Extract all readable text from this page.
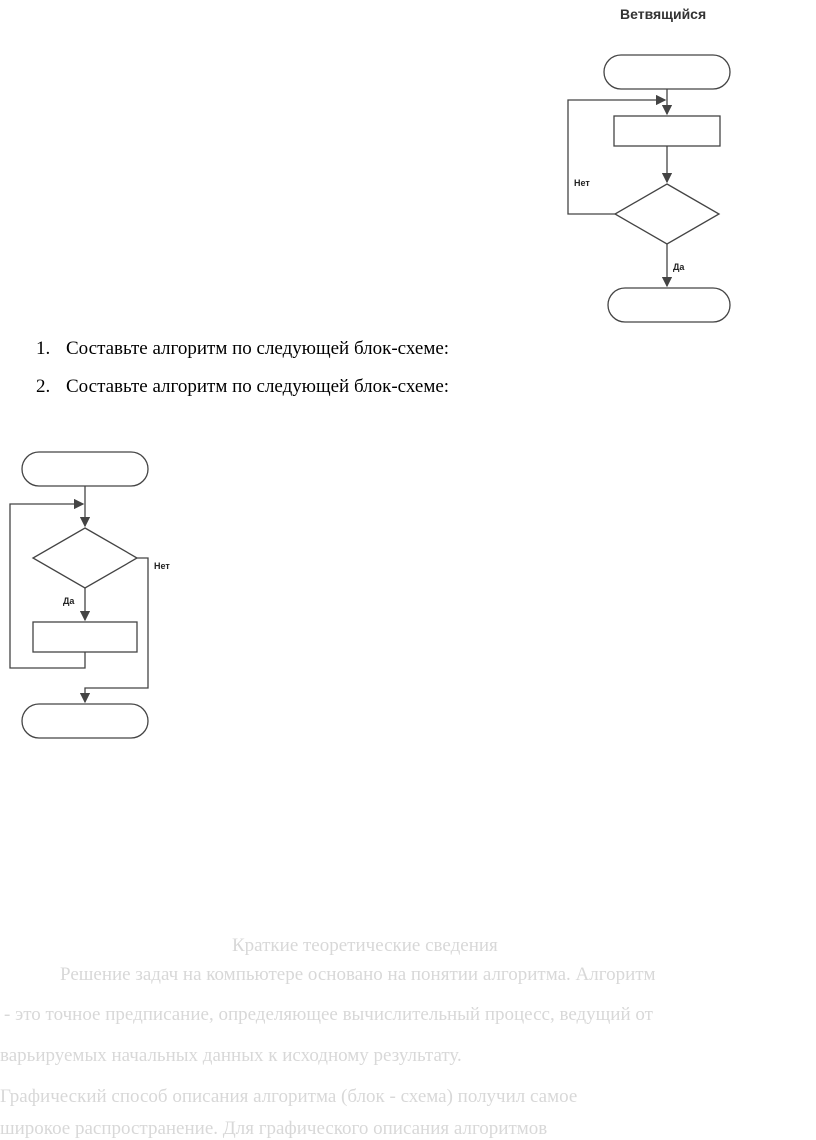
Ветвящийся
Нет
Да
1. Составьте алгоритм по следующей блок-схеме:
2. Составьте алгоритм по следующей блок-схеме:
Нет
Да
Краткие теоретические сведения
Решение задач на компьютере основано на понятии алгоритма. Алгоритм
- это точное предписание, определяющее вычислительный процесс, ведущий от
варьируемых начальных данных к исходному результату.
Графический способ описания алгоритма (блок - схема) получил самое
широкое распространение. Для графического описания алгоритмов
